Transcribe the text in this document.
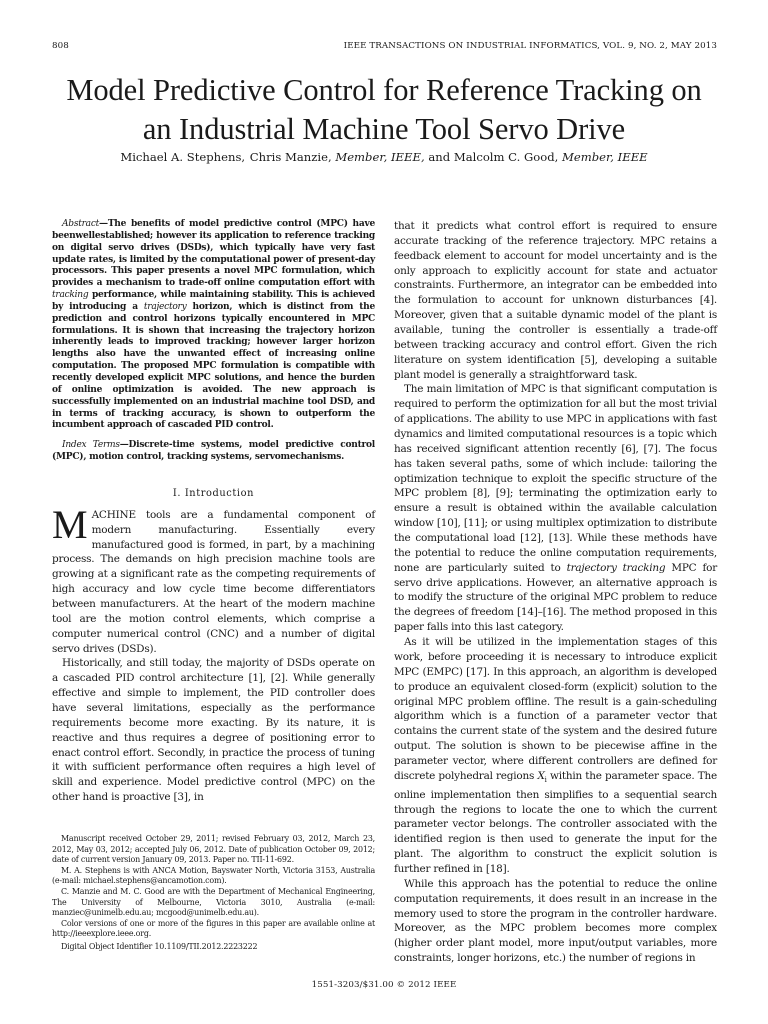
808	IEEE TRANSACTIONS ON INDUSTRIAL INFORMATICS, VOL. 9, NO. 2, MAY 2013
Model Predictive Control for Reference Tracking on
an Industrial Machine Tool Servo Drive
Michael A. Stephens, Chris Manzie, Member, IEEE, and Malcolm C. Good, Member, IEEE

Abstract—The benefits of model predictive control (MPC) have beenwellestablished; however its application to reference tracking on digital servo drives (DSDs), which typically have very fast update rates, is limited by the computational power of present-day processors. This paper presents a novel MPC formulation, which provides a mechanism to trade-off online computation effort with tracking performance, while maintaining stability. This is achieved by introducing a trajectory horizon, which is distinct from the prediction and control horizons typically encountered in MPC formulations. It is shown that increasing the trajectory horizon inherently leads to improved tracking; however larger horizon lengths also have the unwanted effect of increasing online computation. The proposed MPC formulation is compatible with recently developed explicit MPC solutions, and hence the burden of online optimization is avoided. The new approach is successfully implemented on an industrial machine tool DSD, and in terms of tracking accuracy, is shown to outperform the incumbent approach of cascaded PID control.

Index Terms—Discrete-time systems, model predictive control (MPC), motion control, tracking systems, servomechanisms.

I. Introduction
M ACHINE tools are a fundamental component of modern manufacturing. Essentially every manufactured good is formed, in part, by a machining process. The demands on high precision machine tools are growing at a significant rate as the competing requirements of high accuracy and low cycle time become differentiators between manufacturers. At the heart of the modern machine tool are the motion control elements, which comprise a computer numerical control (CNC) and a number of digital servo drives (DSDs).

Historically, and still today, the majority of DSDs operate on a cascaded PID control architecture [1], [2]. While generally effective and simple to implement, the PID controller does have several limitations, especially as the performance requirements become more exacting. By its nature, it is reactive and thus requires a degree of positioning error to enact control effort. Secondly, in practice the process of tuning it with sufficient performance often requires a high level of skill and experience. Model predictive control (MPC) on the other hand is proactive [3], in

Manuscript received October 29, 2011; revised February 03, 2012, March 23, 2012, May 03, 2012; accepted July 06, 2012. Date of publication October 09, 2012; date of current version January 09, 2013. Paper no. TII-11-692.

M. A. Stephens is with ANCA Motion, Bayswater North, Victoria 3153, Australia (e-mail: michael.stephens@ancamotion.com).

C. Manzie and M. C. Good are with the Department of Mechanical Engineering, The University of Melbourne, Victoria 3010, Australia (e-mail: manziec@unimelb.edu.au; mcgood@unimelb.edu.au).

Color versions of one or more of the figures in this paper are available online at http://ieeexplore.ieee.org.

Digital Object Identifier 10.1109/TII.2012.2223222

that it predicts what control effort is required to ensure accurate tracking of the reference trajectory. MPC retains a feedback element to account for model uncertainty and is the only approach to explicitly account for state and actuator constraints. Furthermore, an integrator can be embedded into the formulation to account for unknown disturbances [4]. Moreover, given that a suitable dynamic model of the plant is available, tuning the controller is essentially a trade-off between tracking accuracy and control effort. Given the rich literature on system identification [5], developing a suitable plant model is generally a straightforward task.

The main limitation of MPC is that significant computation is required to perform the optimization for all but the most trivial of applications. The ability to use MPC in applications with fast dynamics and limited computational resources is a topic which has received significant attention recently [6], [7]. The focus has taken several paths, some of which include: tailoring the optimization technique to exploit the specific structure of the MPC problem [8], [9]; terminating the optimization early to ensure a result is obtained within the available calculation window [10], [11]; or using multiplex optimization to distribute the computational load [12], [13]. While these methods have the potential to reduce the online computation requirements, none are particularly suited to trajectory tracking MPC for servo drive applications. However, an alternative approach is to modify the structure of the original MPC problem to reduce the degrees of freedom [14]–[16]. The method proposed in this paper falls into this last category.

As it will be utilized in the implementation stages of this work, before proceeding it is necessary to introduce explicit MPC (EMPC) [17]. In this approach, an algorithm is developed to produce an equivalent closed-form (explicit) solution to the original MPC problem offline. The result is a gain-scheduling algorithm which is a function of a parameter vector that contains the current state of the system and the desired future output. The solution is shown to be piecewise affine in the parameter vector, where different controllers are defined for discrete polyhedral regions $X_i$ within the parameter space. The online implementation then simplifies to a sequential search through the regions to locate the one to which the current parameter vector belongs. The controller associated with the identified region is then used to generate the input for the plant. The algorithm to construct the explicit solution is further refined in [18].

While this approach has the potential to reduce the online computation requirements, it does result in an increase in the memory used to store the program in the controller hardware. Moreover, as the MPC problem becomes more complex (higher order plant model, more input/output variables, more constraints, longer horizons, etc.) the number of regions in

1551-3203/$31.00 © 2012 IEEE
